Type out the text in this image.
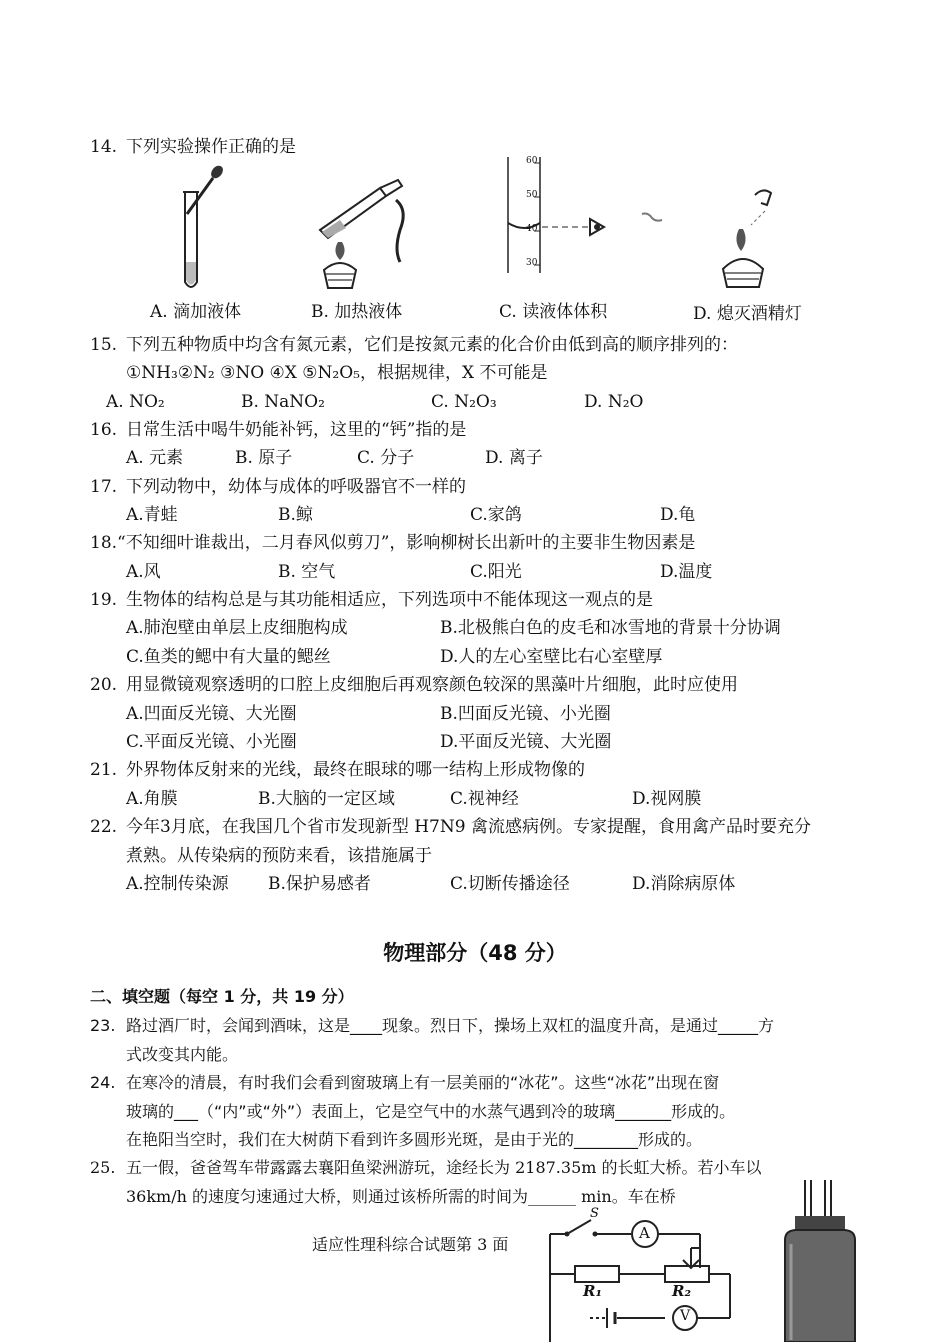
14. 下列实验操作正确的是
60
50
40
30
A. 滴加液体	B. 加热液体	C. 读液体体积	D. 熄灭酒精灯
15. 下列五种物质中均含有氮元素，它们是按氮元素的化合价由低到高的顺序排列的：
①NH₃②N₂ ③NO ④X ⑤N₂O₅，根据规律，X 不可能是
A. NO₂	B. NaNO₂	C. N₂O₃	D. N₂O
16. 日常生活中喝牛奶能补钙，这里的“钙”指的是
A. 元素	B. 原子	C. 分子	D. 离子
17. 下列动物中，幼体与成体的呼吸器官不一样的
A.青蛙	B.鲸	C.家鸽	D.龟
18.“不知细叶谁裁出，二月春风似剪刀”，影响柳树长出新叶的主要非生物因素是
A.风	B. 空气	C.阳光	D.温度
19. 生物体的结构总是与其功能相适应，下列选项中不能体现这一观点的是
A.肺泡壁由单层上皮细胞构成	B.北极熊白色的皮毛和冰雪地的背景十分协调
C.鱼类的鳃中有大量的鳃丝	D.人的左心室壁比右心室壁厚
20. 用显微镜观察透明的口腔上皮细胞后再观察颜色较深的黑藻叶片细胞，此时应使用
A.凹面反光镜、大光圈	B.凹面反光镜、小光圈
C.平面反光镜、小光圈	D.平面反光镜、大光圈
21. 外界物体反射来的光线，最终在眼球的哪一结构上形成物像的
A.角膜	B.大脑的一定区域	C.视神经	D.视网膜
22. 今年3月底，在我国几个省市发现新型 H7N9 禽流感病例。专家提醒，食用禽产品时要充分
煮熟。从传染病的预防来看，该措施属于
A.控制传染源 B.保护易感者	C.切断传播途径	D.消除病原体
物理部分（48 分）
二、填空题（每空 1 分，共 19 分）
23. 路过酒厂时，会闻到酒味，这是____现象。烈日下，操场上双杠的温度升高，是通过_____方
式改变其内能。
24. 在寒冷的清晨，有时我们会看到窗玻璃上有一层美丽的“冰花”。这些“冰花”出现在窗
玻璃的___（“内”或“外”）表面上，它是空气中的水蒸气遇到冷的玻璃_______形成的。
在艳阳当空时，我们在大树荫下看到许多圆形光斑，是由于光的________形成的。
25. 五一假，爸爸驾车带露露去襄阳鱼梁洲游玩，途经长为 2187.35m 的长虹大桥。若小车以
36km/h 的速度匀速通过大桥，则通过该桥所需的时间为______ min。车在桥
适应性理科综合试题第 3 面
S
A
R₁	R₂
V
